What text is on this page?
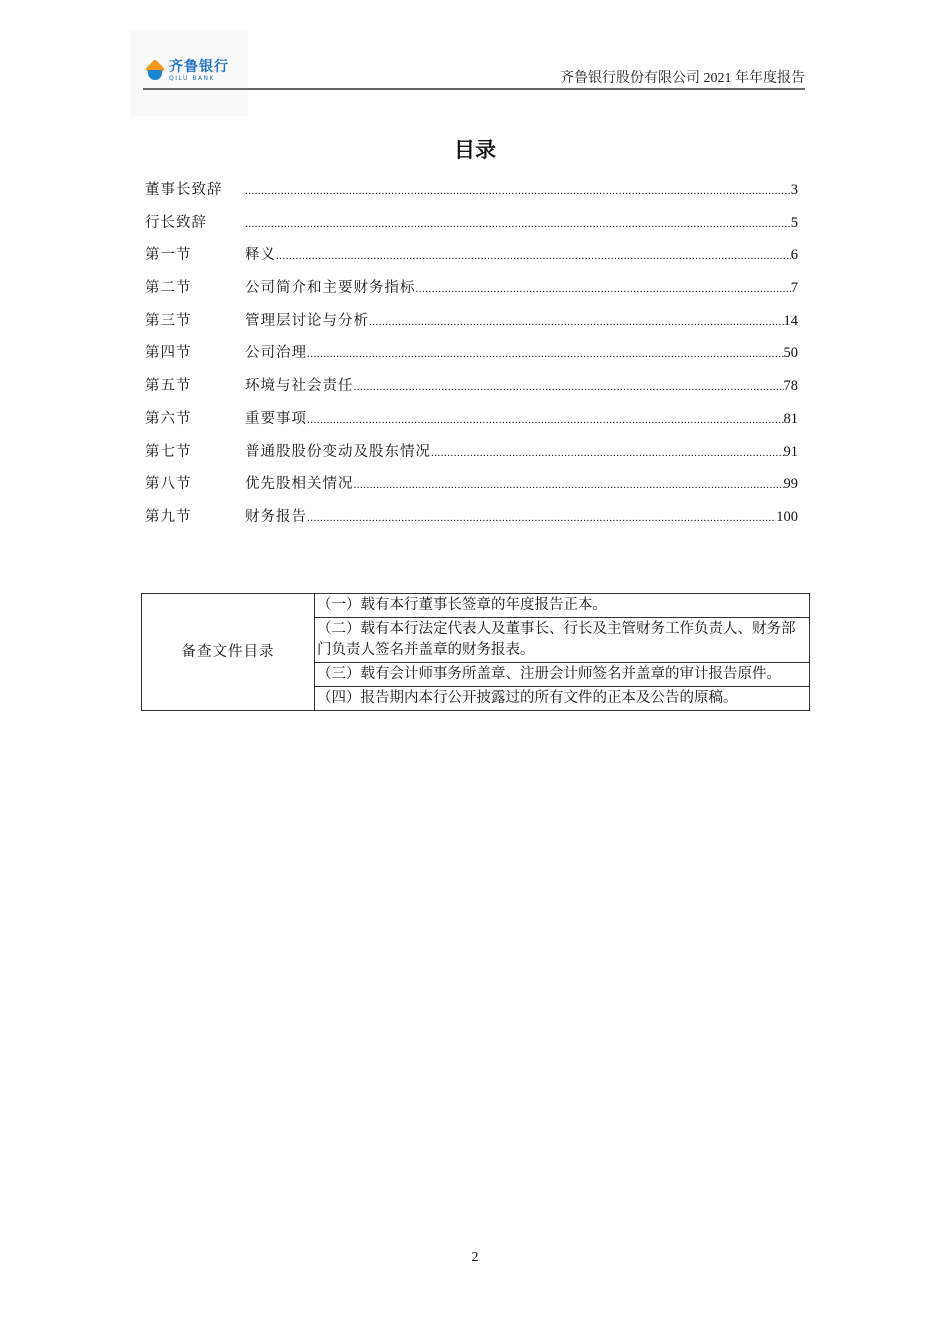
齐鲁银行
QILU BANK	齐鲁银行股份有限公司 2021 年年度报告
目录
董事长致辞 .....	3
行长致辞 .....	5
第一节	释义 .....	6
第二节	公司简介和主要财务指标 .....	7
第三节	管理层讨论与分析 .....	14
第四节	公司治理 .....	50
第五节	环境与社会责任 .....	78
第六节	重要事项 .....	81
第七节	普通股股份变动及股东情况 .....	91
第八节	优先股相关情况 .....	99
第九节	财务报告 .....	100
备查文件目录	（一）载有本行董事长签章的年度报告正本。
（二）载有本行法定代表人及董事长、行长及主管财务工作负责人、财务部门负责人签名并盖章的财务报表。
（三）载有会计师事务所盖章、注册会计师签名并盖章的审计报告原件。
（四）报告期内本行公开披露过的所有文件的正本及公告的原稿。
2
